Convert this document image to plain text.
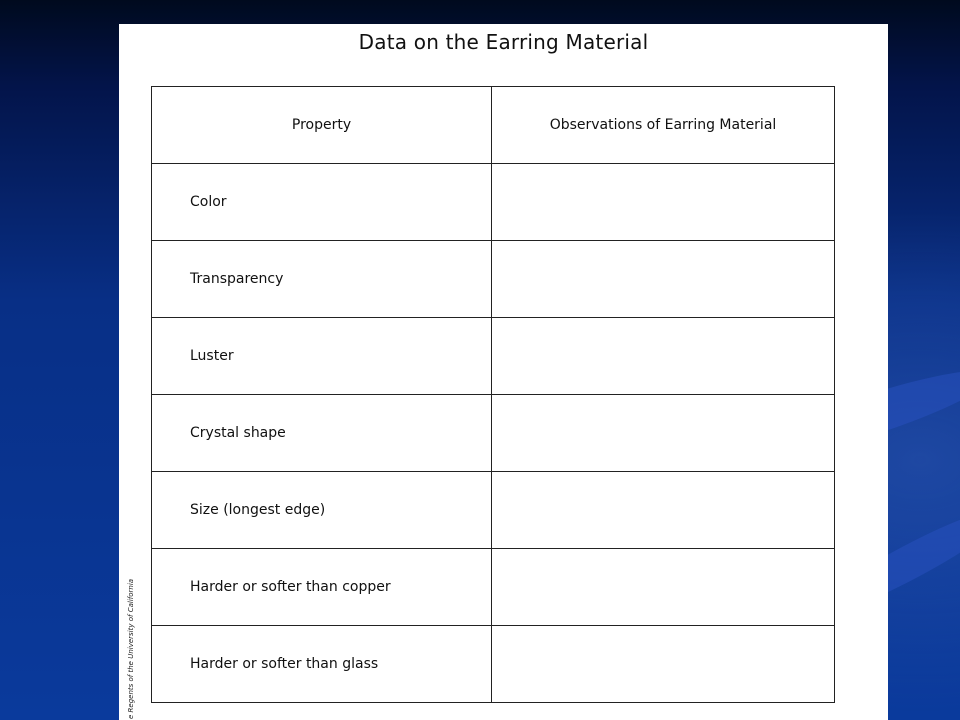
Data on the Earring Material
e Regents of the University of California
Property	Observations of Earring Material
Color	
Transparency	
Luster	
Crystal shape	
Size (longest edge)	
Harder or softer than copper	
Harder or softer than glass	
